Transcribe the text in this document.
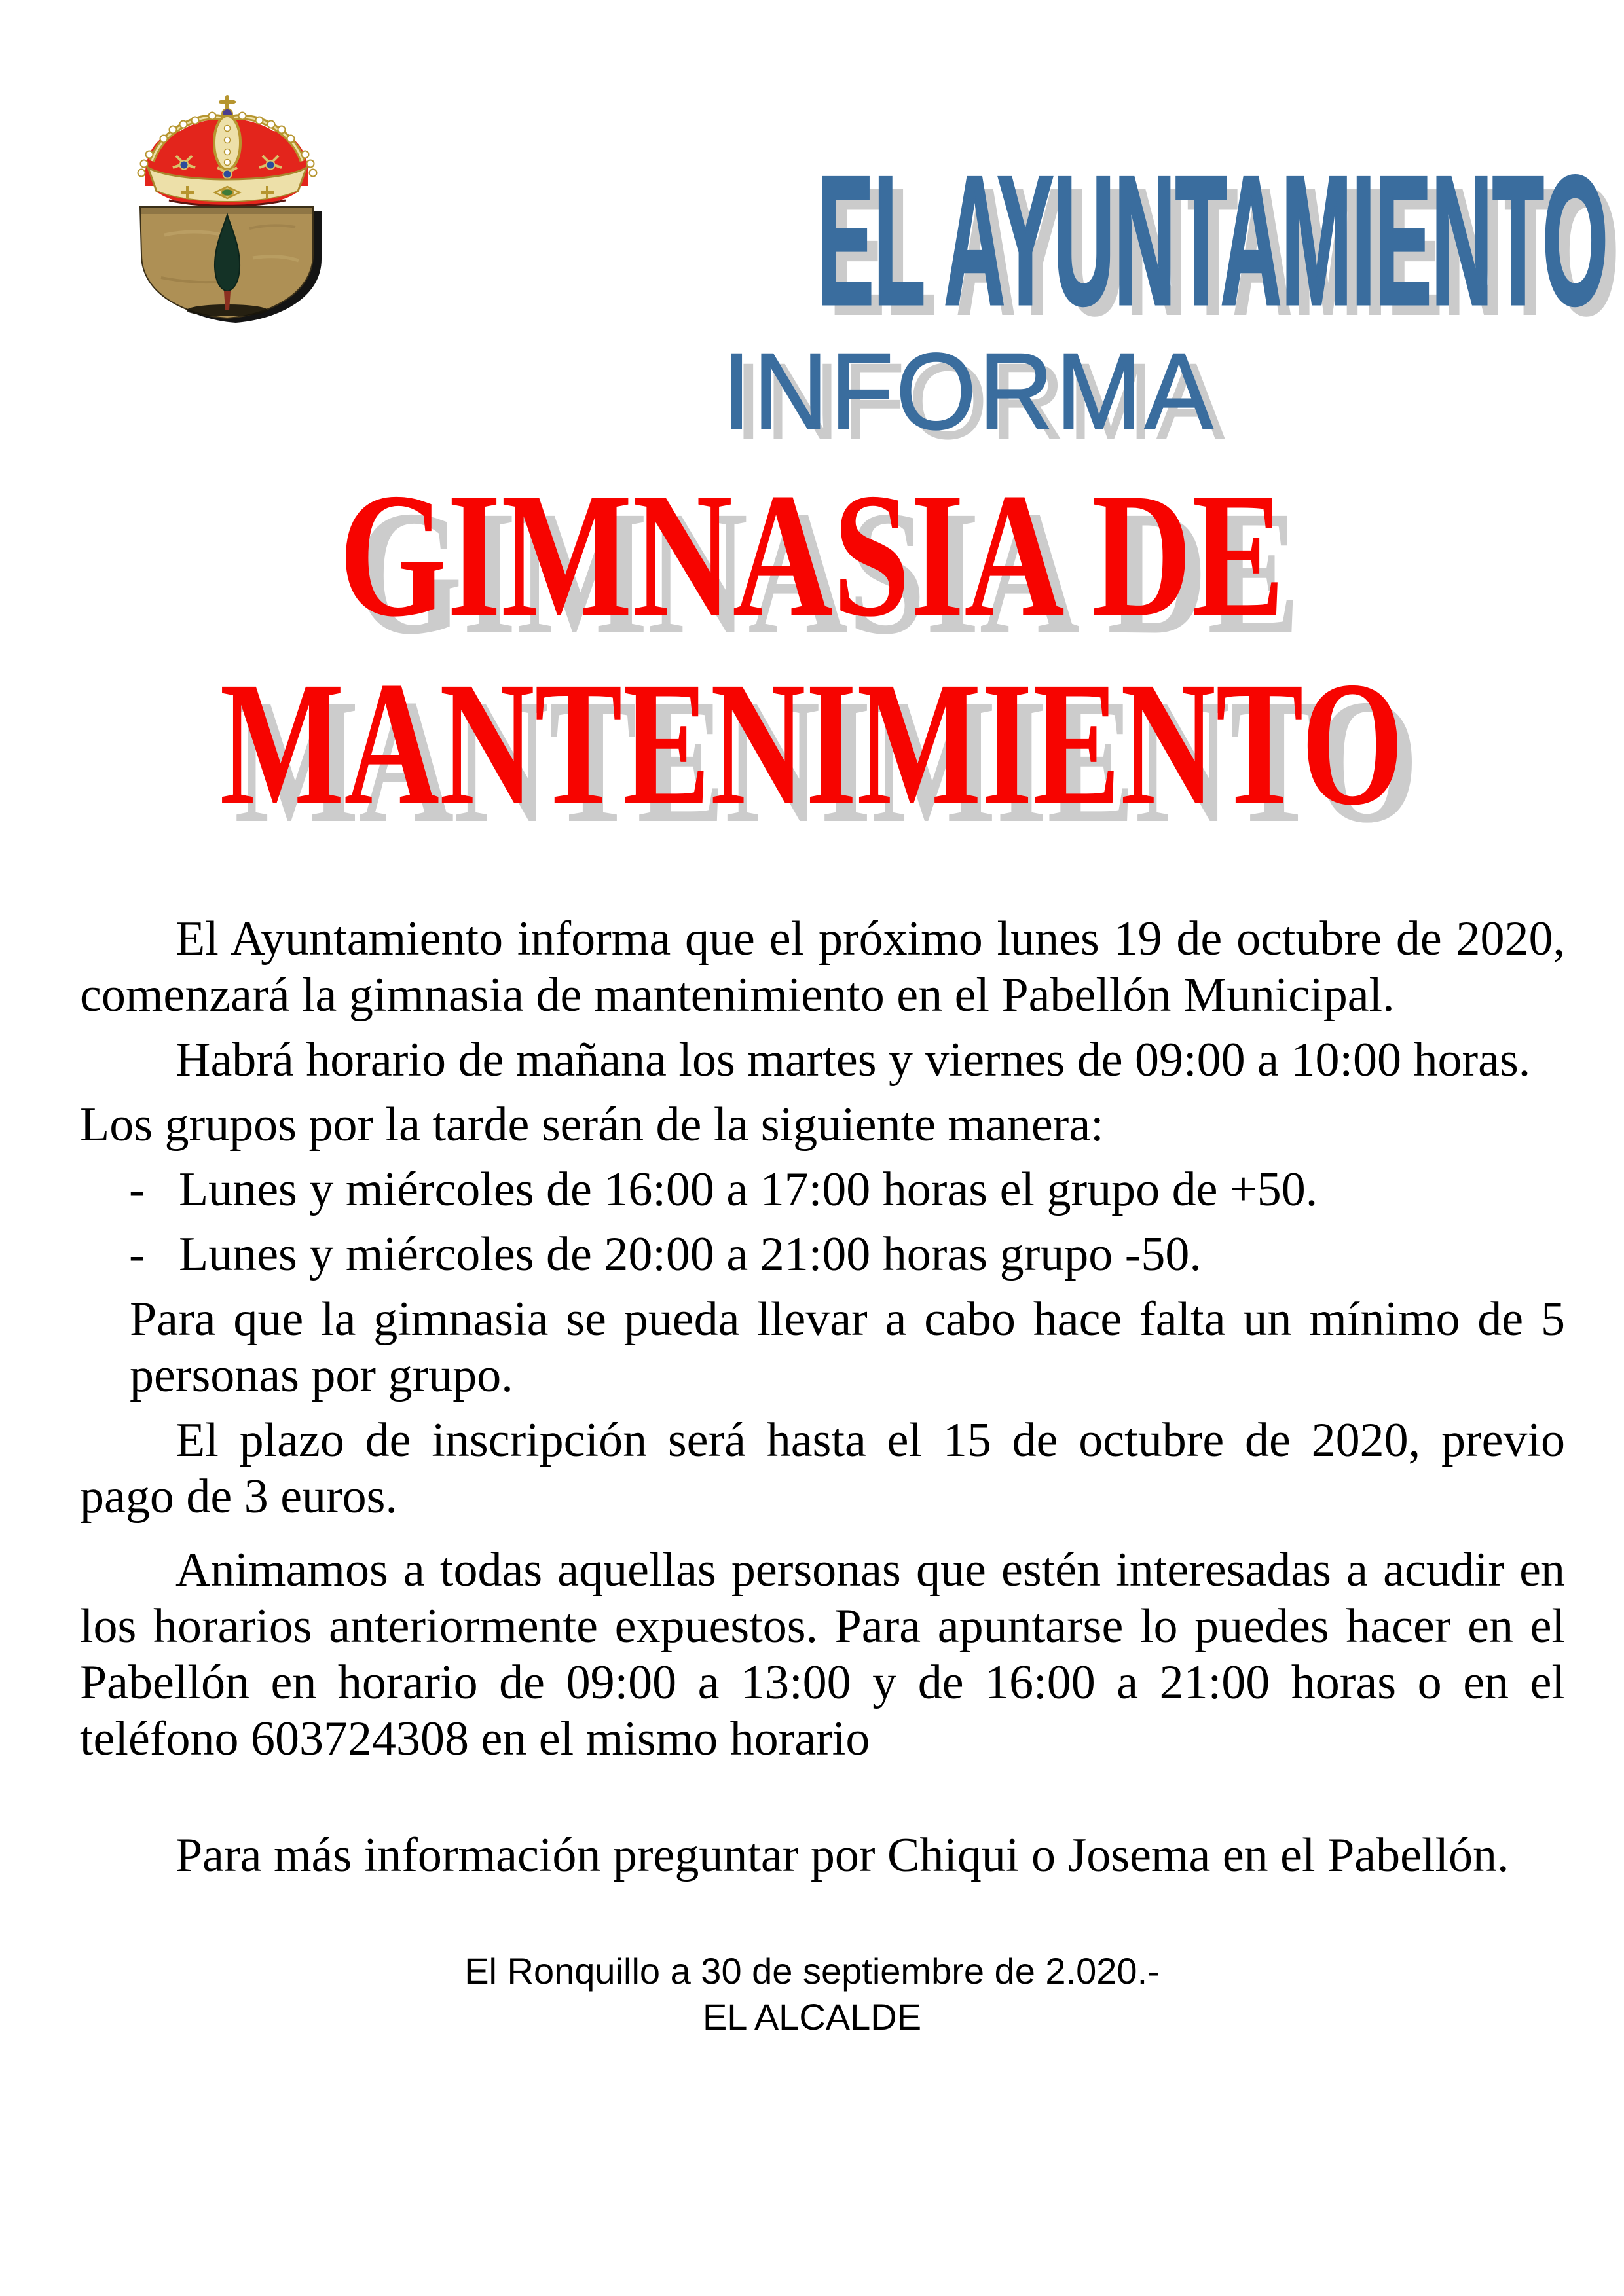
EL AYUNTAMIENTO
INFORMA
GIMNASIA DE
MANTENIMIENTO

El Ayuntamiento informa que el próximo lunes 19 de octubre de 2020, comenzará la gimnasia de mantenimiento en el Pabellón Municipal.

Habrá horario de mañana los martes y viernes de 09:00 a 10:00 horas.

Los grupos por la tarde serán de la siguiente manera:

- Lunes y miércoles de 16:00 a 17:00 horas el grupo de +50.

- Lunes y miércoles de 20:00 a 21:00 horas grupo -50.

Para que la gimnasia se pueda llevar a cabo hace falta un mínimo de 5 personas por grupo.

El plazo de inscripción será hasta el 15 de octubre de 2020, previo pago de 3 euros.

Animamos a todas aquellas personas que estén interesadas a acudir en los horarios anteriormente expuestos. Para apuntarse lo puedes hacer en el Pabellón en horario de 09:00 a 13:00 y de 16:00 a 21:00 horas o en el teléfono 603724308 en el mismo horario

Para más información preguntar por Chiqui o Josema en el Pabellón.

El Ronquillo a 30 de septiembre de 2.020.-
EL ALCALDE
